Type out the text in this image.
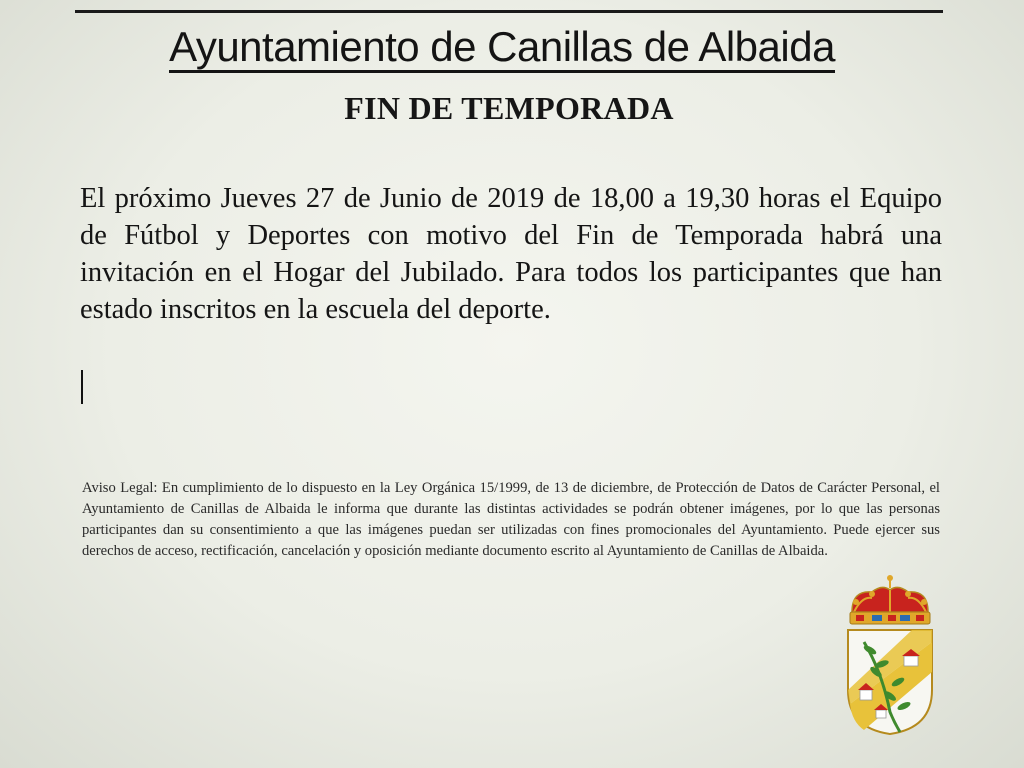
Ayuntamiento de Canillas de Albaida
FIN DE TEMPORADA
El próximo Jueves 27 de Junio de 2019 de 18,00 a 19,30 horas el Equipo de Fútbol y Deportes con motivo del Fin de Temporada habrá una invitación en el Hogar del Jubilado. Para todos los participantes que han estado inscritos en la escuela del deporte.
Aviso Legal: En cumplimiento de lo dispuesto en la Ley Orgánica 15/1999, de 13 de diciembre, de Protección de Datos de Carácter Personal, el Ayuntamiento de Canillas de Albaida le informa que durante las distintas actividades se podrán obtener imágenes, por lo que las personas participantes dan su consentimiento a que las imágenes puedan ser utilizadas con fines promocionales del Ayuntamiento. Puede ejercer sus derechos de acceso, rectificación, cancelación y oposición mediante documento escrito al Ayuntamiento de Canillas de Albaida.
